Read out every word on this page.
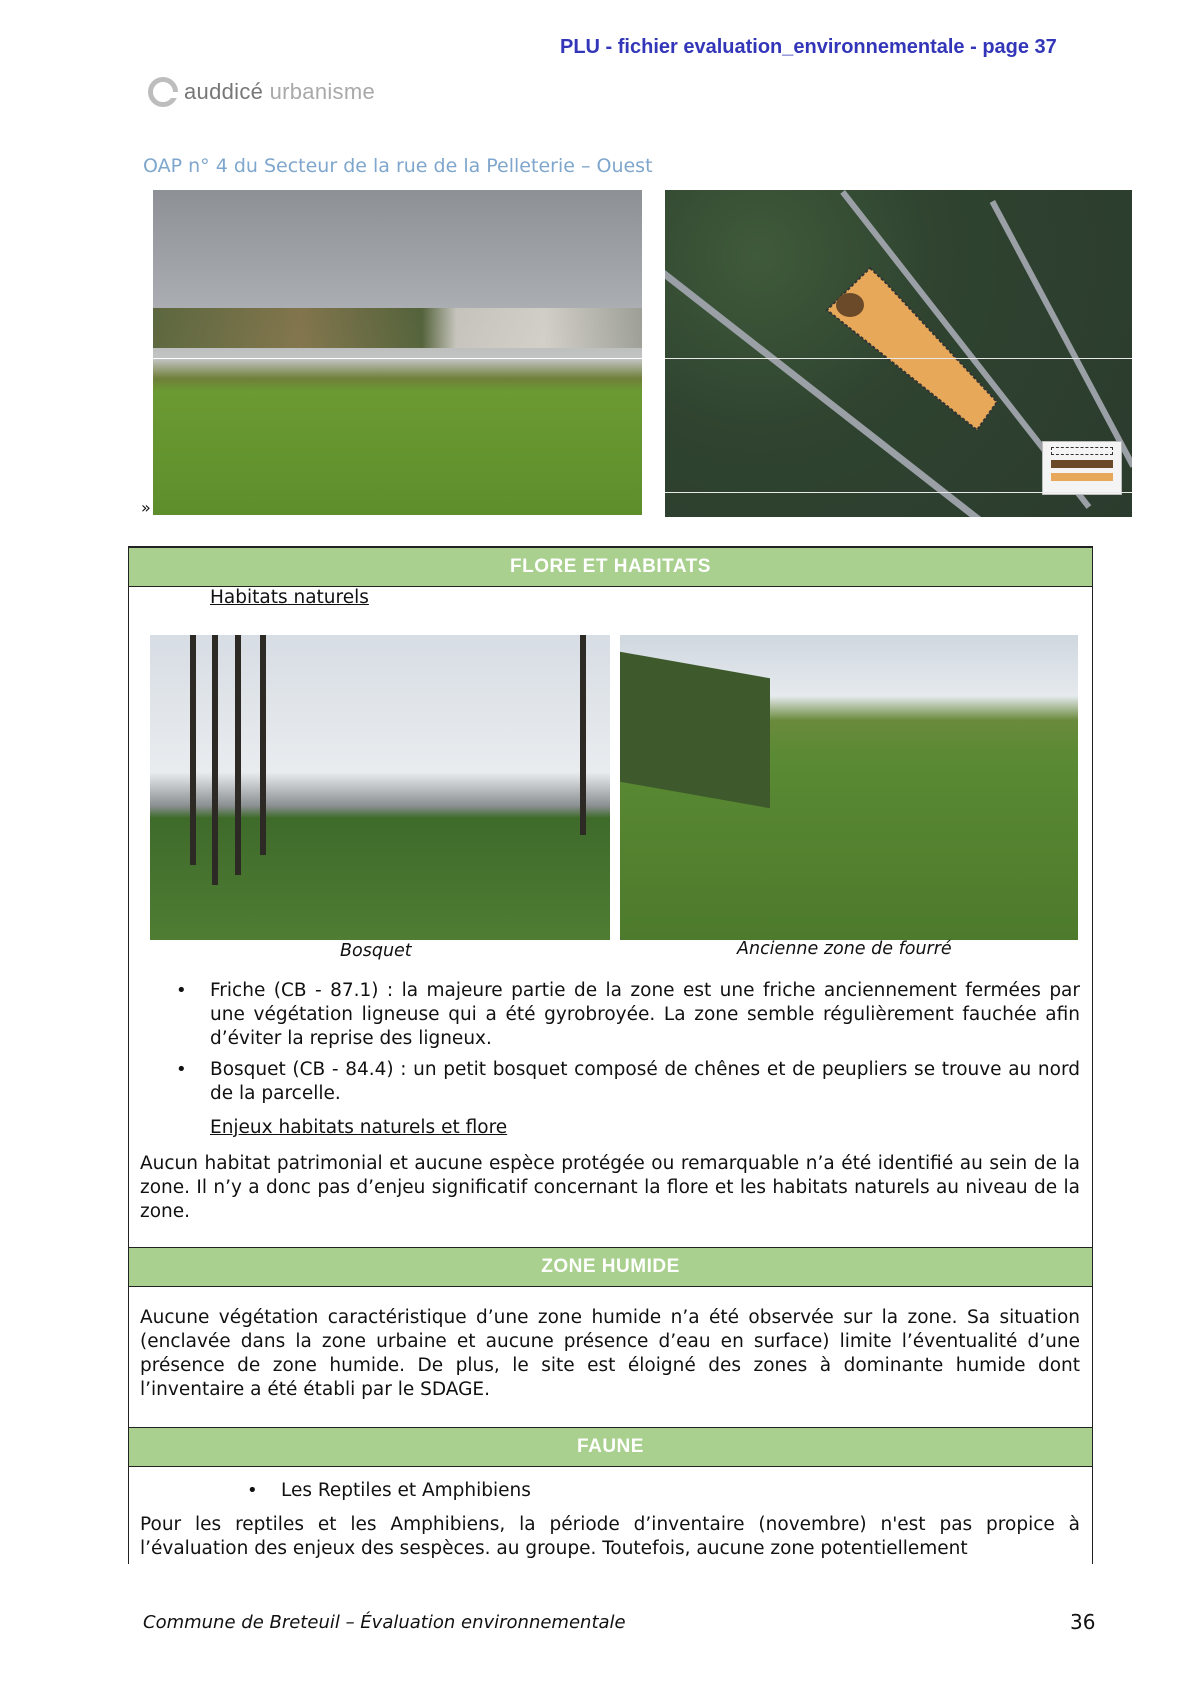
PLU - fichier evaluation_environnementale - page 37
auddicé urbanisme
OAP n° 4 du Secteur de la rue de la Pelleterie – Ouest
»
FLORE ET HABITATS
ZONE HUMIDE
FAUNE
Habitats naturels
Bosquet	Ancienne zone de fourré
• Friche (CB - 87.1) : la majeure partie de la zone est une friche anciennement fermées par une végétation ligneuse qui a été gyrobroyée. La zone semble régulièrement fauchée afin d’éviter la reprise des ligneux.
• Bosquet (CB - 84.4) : un petit bosquet composé de chênes et de peupliers se trouve au nord de la parcelle.
Enjeux habitats naturels et flore
Aucun habitat patrimonial et aucune espèce protégée ou remarquable n’a été identifié au sein de la zone. Il n’y a donc pas d’enjeu significatif concernant la flore et les habitats naturels au niveau de la zone.
Aucune végétation caractéristique d’une zone humide n’a été observée sur la zone. Sa situation (enclavée dans la zone urbaine et aucune présence d’eau en surface) limite l’éventualité d’une présence de zone humide. De plus, le site est éloigné des zones à dominante humide dont l’inventaire a été établi par le SDAGE.
• Les Reptiles et Amphibiens
Pour les reptiles et les Amphibiens, la période d’inventaire (novembre) n'est pas propice à l’évaluation des enjeux des sespèces. au groupe. Toutefois, aucune zone potentiellement
Commune de Breteuil – Évaluation environnementale	36
